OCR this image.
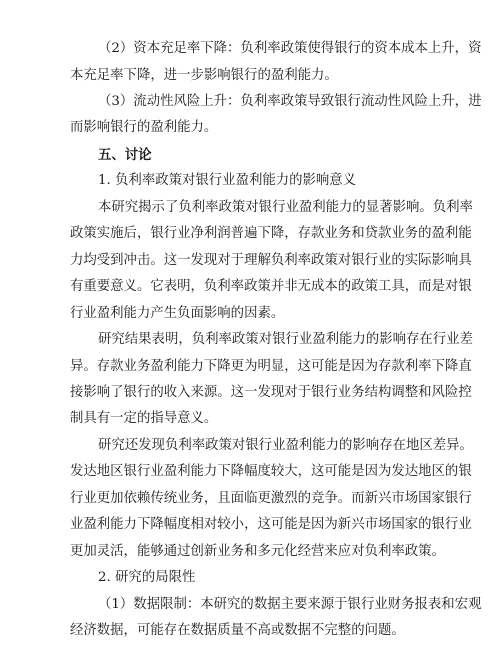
（2）资本充足率下降：负利率政策使得银行的资本成本上升，资
本充足率下降，进一步影响银行的盈利能力。
（3）流动性风险上升：负利率政策导致银行流动性风险上升，进
而影响银行的盈利能力。
五、讨论
1. 负利率政策对银行业盈利能力的影响意义
本研究揭示了负利率政策对银行业盈利能力的显著影响。负利率
政策实施后，银行业净利润普遍下降，存款业务和贷款业务的盈利能
力均受到冲击。这一发现对于理解负利率政策对银行业的实际影响具
有重要意义。它表明，负利率政策并非无成本的政策工具，而是对银
行业盈利能力产生负面影响的因素。
研究结果表明，负利率政策对银行业盈利能力的影响存在行业差
异。存款业务盈利能力下降更为明显，这可能是因为存款利率下降直
接影响了银行的收入来源。这一发现对于银行业务结构调整和风险控
制具有一定的指导意义。
研究还发现负利率政策对银行业盈利能力的影响存在地区差异。
发达地区银行业盈利能力下降幅度较大，这可能是因为发达地区的银
行业更加依赖传统业务，且面临更激烈的竞争。而新兴市场国家银行
业盈利能力下降幅度相对较小，这可能是因为新兴市场国家的银行业
更加灵活，能够通过创新业务和多元化经营来应对负利率政策。
2. 研究的局限性
（1）数据限制：本研究的数据主要来源于银行业财务报表和宏观
经济数据，可能存在数据质量不高或数据不完整的问题。
